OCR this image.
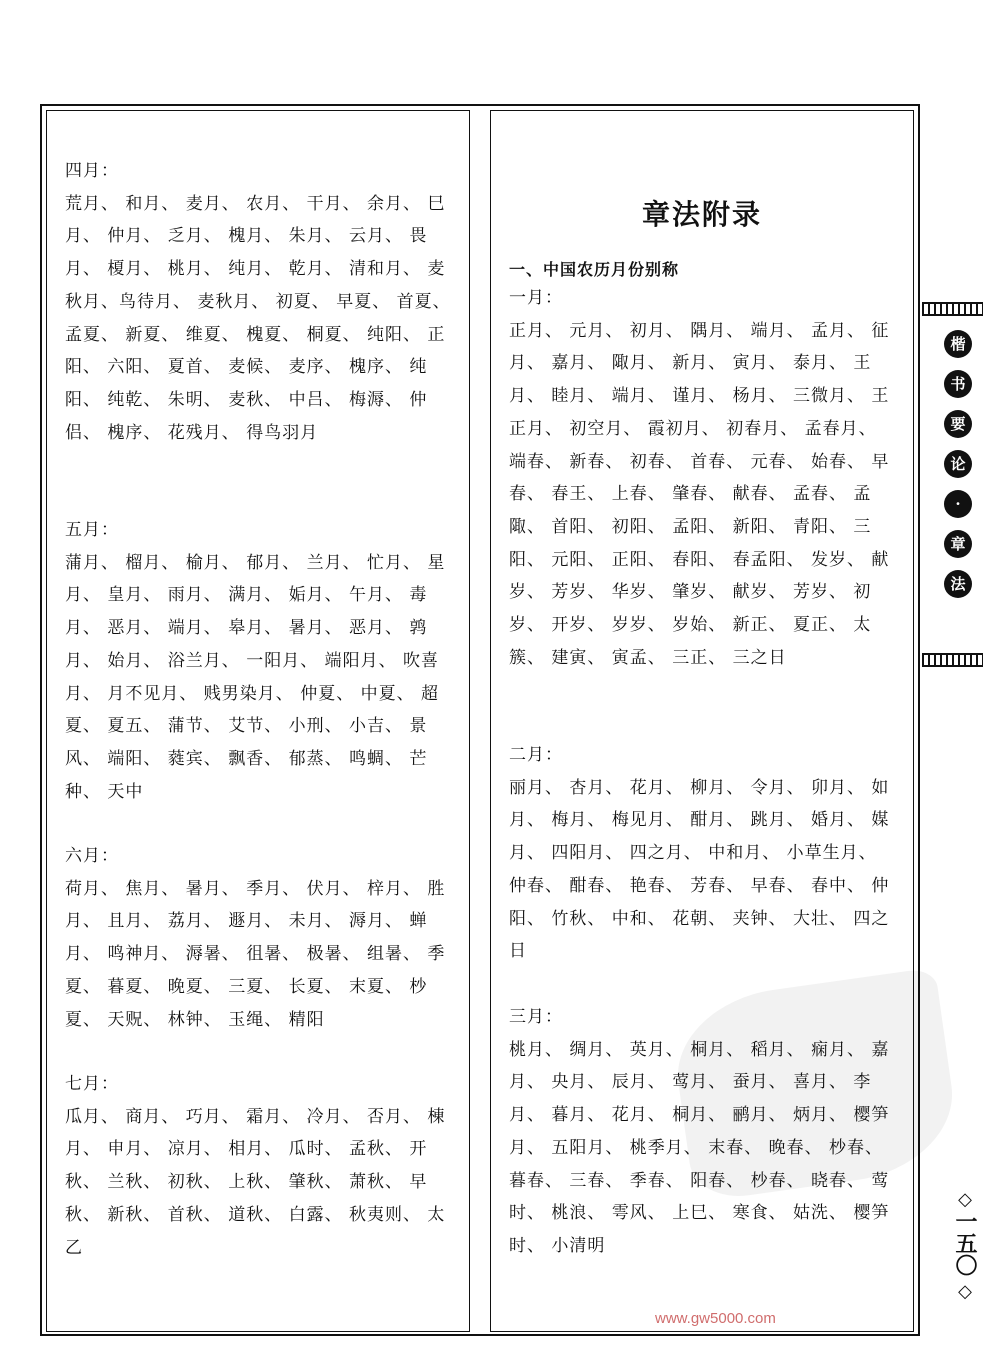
四月：
荒月、 和月、 麦月、 农月、 干月、 余月、 巳月、 仲月、 乏月、 槐月、 朱月、 云月、 畏月、 榎月、 桃月、 纯月、 乾月、 清和月、 麦秋月、鸟待月、 麦秋月、 初夏、 早夏、 首夏、 孟夏、 新夏、 维夏、 槐夏、 桐夏、 纯阳、 正阳、 六阳、 夏首、 麦候、 麦序、 槐序、 纯阳、 纯乾、 朱明、 麦秋、 中吕、 梅溽、 仲侣、 槐序、 花残月、 得鸟羽月
五月：
蒲月、 榴月、 榆月、 郁月、 兰月、 忙月、 星月、 皇月、 雨月、 满月、 姤月、 午月、 毒月、 恶月、 端月、 皋月、 暑月、 恶月、 鹑月、 始月、 浴兰月、 一阳月、 端阳月、 吹喜月、 月不见月、 贱男染月、 仲夏、 中夏、 超夏、 夏五、 蒲节、 艾节、 小刑、 小吉、 景风、 端阳、 蕤宾、 飘香、 郁蒸、 鸣蜩、 芒种、 天中
六月：
荷月、 焦月、 暑月、 季月、 伏月、 梓月、 胜月、 且月、 荔月、 遯月、 未月、 溽月、 蝉月、 鸣神月、 溽暑、 徂暑、 极暑、 组暑、 季夏、 暮夏、 晚夏、 三夏、 长夏、 末夏、 杪夏、 天贶、 林钟、 玉绳、 精阳
七月：
瓜月、 商月、 巧月、 霜月、 冷月、 否月、 棟月、 申月、 凉月、 相月、 瓜时、 孟秋、 开秋、 兰秋、 初秋、 上秋、 肇秋、 萧秋、 早秋、 新秋、 首秋、 道秋、 白露、 秋夷则、 太乙
章法附录
一、中国农历月份别称
一月：
正月、 元月、 初月、 隅月、 端月、 孟月、 征月、 嘉月、 陬月、 新月、 寅月、 泰月、 王月、 睦月、 端月、 谨月、 杨月、 三微月、 王正月、 初空月、 霞初月、 初春月、 孟春月、 端春、 新春、 初春、 首春、 元春、 始春、 早春、 春王、 上春、 肇春、 献春、 孟春、 孟陬、 首阳、 初阳、 孟阳、 新阳、 青阳、 三阳、 元阳、 正阳、 春阳、 春孟阳、 发岁、 献岁、 芳岁、 华岁、 肇岁、 献岁、 芳岁、 初岁、 开岁、 岁岁、 岁始、 新正、 夏正、 太簇、 建寅、 寅孟、 三正、 三之日
二月：
丽月、 杏月、 花月、 柳月、 令月、 卯月、 如月、 梅月、 梅见月、 酣月、 跳月、 婚月、 媒月、 四阳月、 四之月、 中和月、 小草生月、 仲春、 酣春、 艳春、 芳春、 早春、 春中、 仲阳、 竹秋、 中和、 花朝、 夹钟、 大壮、 四之日
三月：
桃月、 绸月、 英月、 桐月、 稻月、 痫月、 嘉月、 央月、 辰月、 莺月、 蚕月、 喜月、 李月、 暮月、 花月、 桐月、 鹂月、 炳月、 樱笋月、 五阳月、 桃季月、 末春、 晚春、 杪春、 暮春、 三春、 季春、 阳春、 杪春、 晓春、 莺时、 桃浪、 雩风、 上巳、 寒食、 姑洗、 樱笋时、 小清明
楷
书
要
论
·
章
法
◇
一五〇
◇
www.gw5000.com
